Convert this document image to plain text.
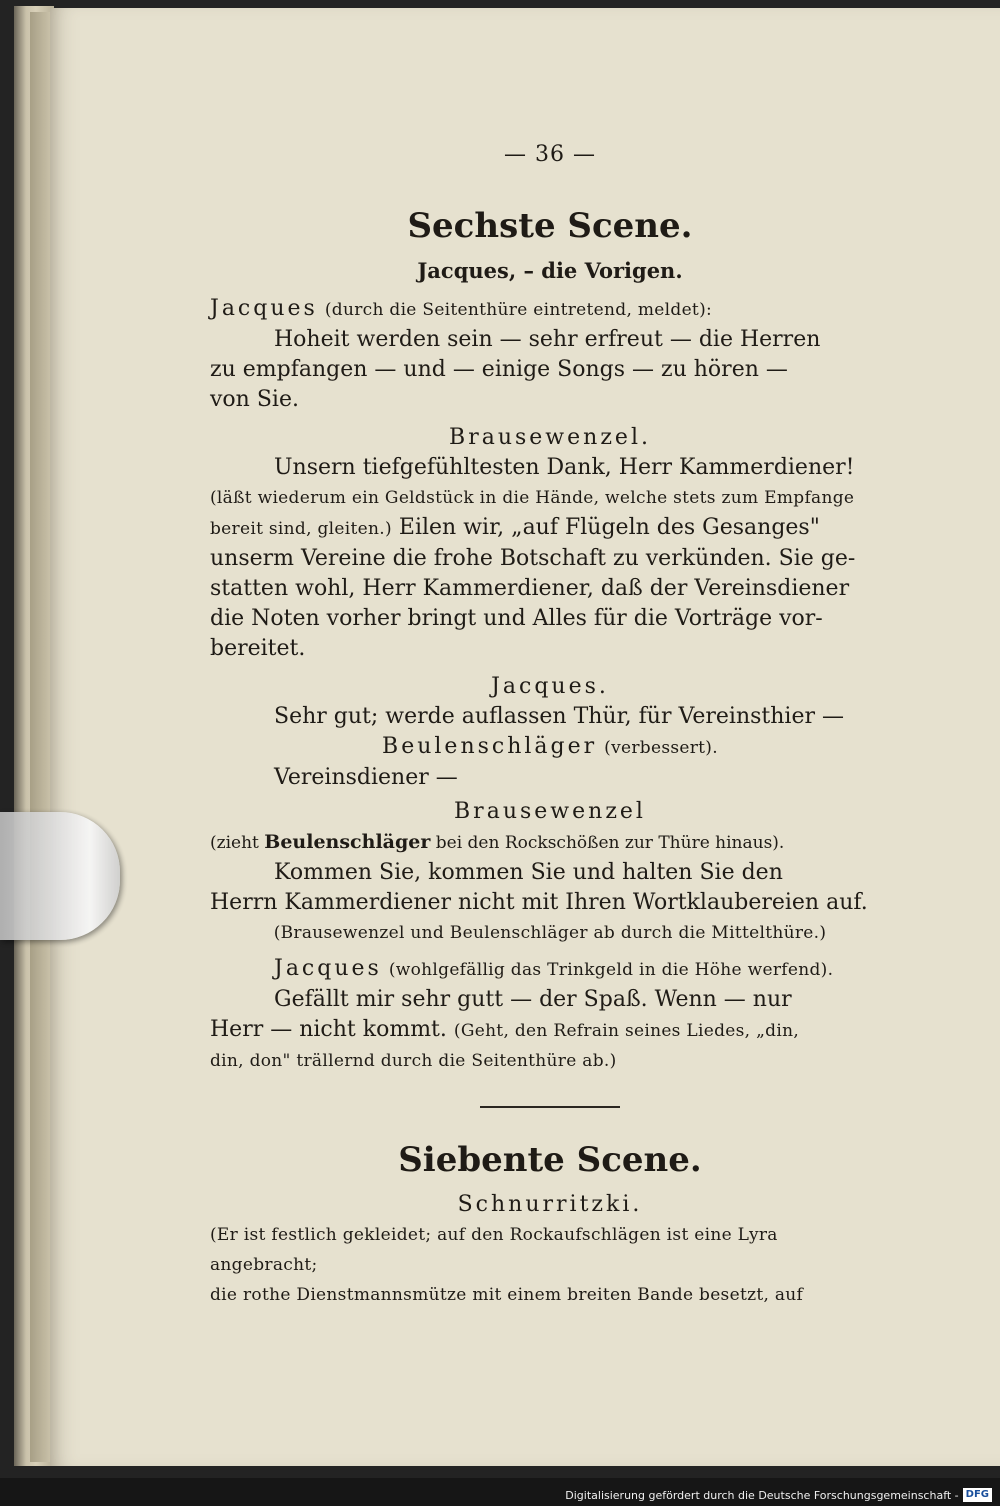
— 36 —
Sechste Scene.
Jacques, – die Vorigen.
Jacques (durch die Seitenthüre eintretend, meldet):
Hoheit werden sein — sehr erfreut — die Herren
zu empfangen — und — einige Songs — zu hören —
von Sie.
Brausewenzel.
Unsern tiefgefühltesten Dank, Herr Kammerdiener!
(läßt wiederum ein Geldstück in die Hände, welche stets zum Empfange
bereit sind, gleiten.) Eilen wir, „auf Flügeln des Gesanges"
unserm Vereine die frohe Botschaft zu verkünden. Sie ge-
statten wohl, Herr Kammerdiener, daß der Vereinsdiener
die Noten vorher bringt und Alles für die Vorträge vor-
bereitet.
Jacques.
Sehr gut; werde auflassen Thür, für Vereinsthier —
Beulenschläger (verbessert).
Vereinsdiener —
Brausewenzel
(zieht Beulenschläger bei den Rockschößen zur Thüre hinaus).
Kommen Sie, kommen Sie und halten Sie den
Herrn Kammerdiener nicht mit Ihren Wortklaubereien auf.
(Brausewenzel und Beulenschläger ab durch die Mittelthüre.)
Jacques (wohlgefällig das Trinkgeld in die Höhe werfend).
Gefällt mir sehr gutt — der Spaß. Wenn — nur
Herr — nicht kommt. (Geht, den Refrain seines Liedes, „din,
din, don" trällernd durch die Seitenthüre ab.)
Siebente Scene.
Schnurritzki.
(Er ist festlich gekleidet; auf den Rockaufschlägen ist eine Lyra angebracht;
die rothe Dienstmannsmütze mit einem breiten Bande besetzt, auf
Digitalisierung gefördert durch die Deutsche Forschungsgemeinschaft - DFG
